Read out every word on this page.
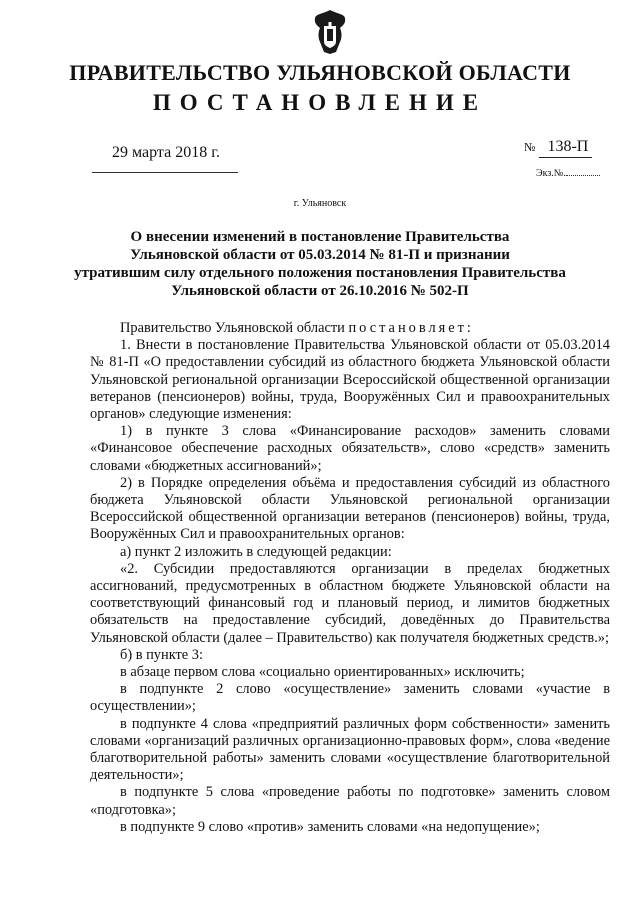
ПРАВИТЕЛЬСТВО УЛЬЯНОВСКОЙ ОБЛАСТИ
ПОСТАНОВЛЕНИЕ
29 марта 2018 г.	№ 138-П
Экз.№.
г. Ульяновск
О внесении изменений в постановление Правительства
Ульяновской области от 05.03.2014 № 81-П и признании
утратившим силу отдельного положения постановления Правительства
Ульяновской области от 26.10.2016 № 502-П

Правительство Ульяновской области постановляет:

1. Внести в постановление Правительства Ульяновской области от 05.03.2014 № 81-П «О предоставлении субсидий из областного бюджета Ульяновской области Ульяновской региональной организации Всероссийской общественной организации ветеранов (пенсионеров) войны, труда, Вооружённых Сил и правоохранительных органов» следующие изменения:

1) в пункте 3 слова «Финансирование расходов» заменить словами «Финансовое обеспечение расходных обязательств», слово «средств» заменить словами «бюджетных ассигнований»;

2) в Порядке определения объёма и предоставления субсидий из областного бюджета Ульяновской области Ульяновской региональной организации Всероссийской общественной организации ветеранов (пенсионеров) войны, труда, Вооружённых Сил и правоохранительных органов:

а) пункт 2 изложить в следующей редакции:

«2. Субсидии предоставляются организации в пределах бюджетных ассигнований, предусмотренных в областном бюджете Ульяновской области на соответствующий финансовый год и плановый период, и лимитов бюджетных обязательств на предоставление субсидий, доведённых до Правительства Ульяновской области (далее – Правительство) как получателя бюджетных средств.»;

б) в пункте 3:

в абзаце первом слова «социально ориентированных» исключить;

в подпункте 2 слово «осуществление» заменить словами «участие в осуществлении»;

в подпункте 4 слова «предприятий различных форм собственности» заменить словами «организаций различных организационно-правовых форм», слова «ведение благотворительной работы» заменить словами «осуществление благотворительной деятельности»;

в подпункте 5 слова «проведение работы по подготовке» заменить словом «подготовка»;

в подпункте 9 слово «против» заменить словами «на недопущение»;
